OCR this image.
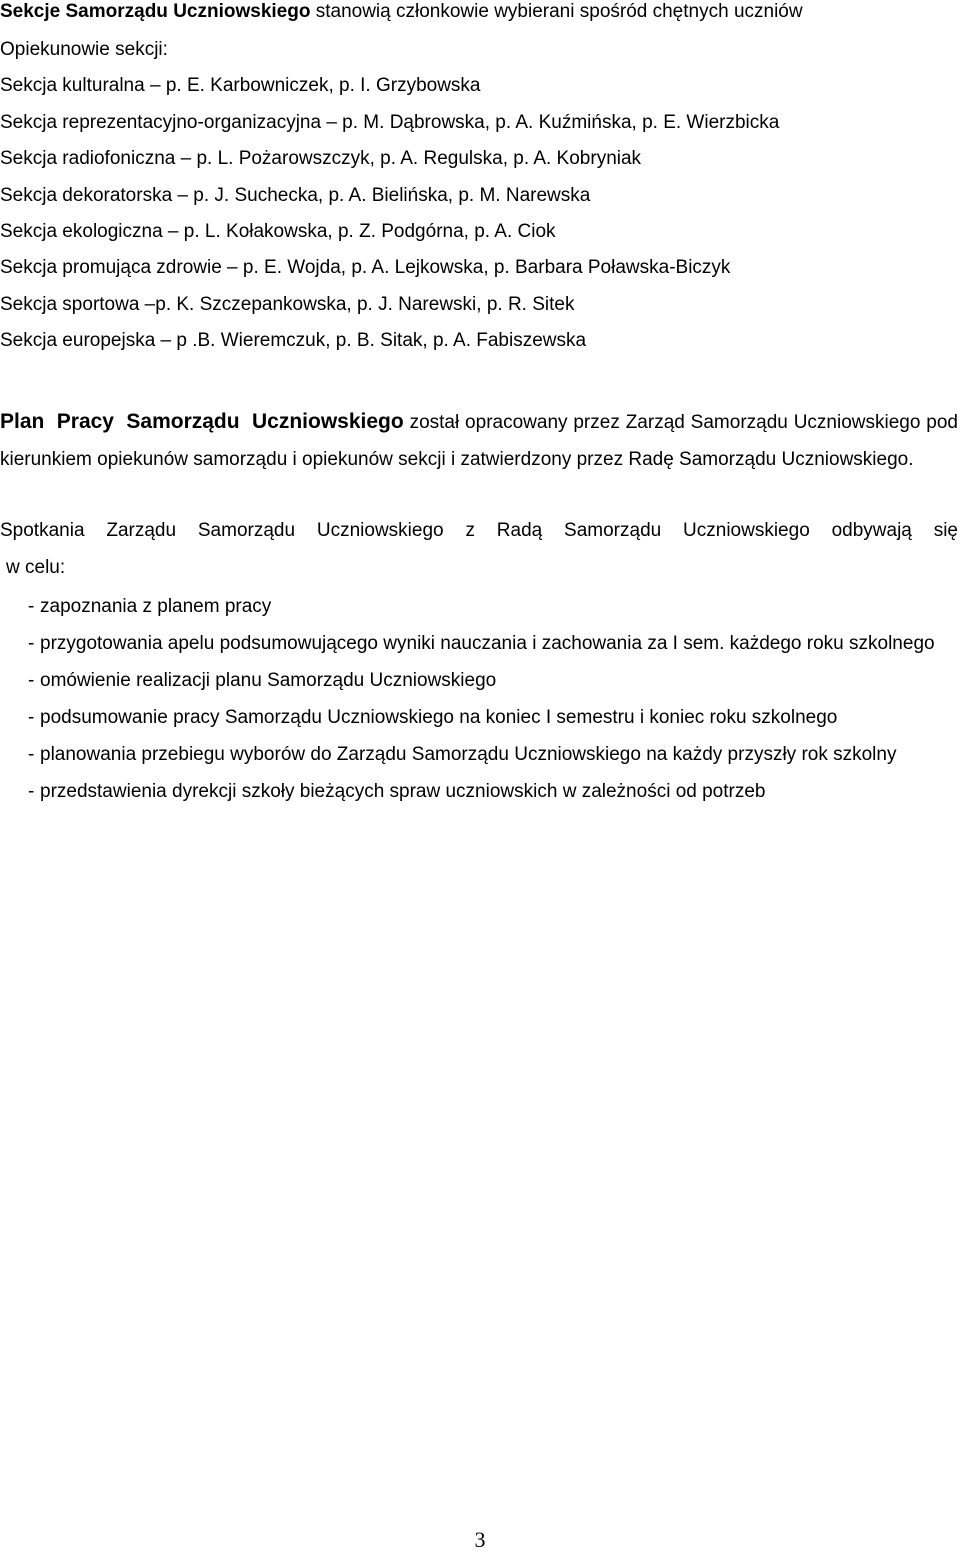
Sekcje Samorządu Uczniowskiego stanowią członkowie wybierani spośród chętnych uczniów
Opiekunowie sekcji:
Sekcja kulturalna – p. E. Karbowniczek, p. I. Grzybowska
Sekcja reprezentacyjno-organizacyjna – p. M. Dąbrowska, p. A. Kuźmińska, p. E. Wierzbicka
Sekcja radiofoniczna – p. L. Pożarowszczyk, p. A. Regulska, p. A. Kobryniak
Sekcja dekoratorska – p. J. Suchecka, p. A. Bielińska, p. M. Narewska
Sekcja ekologiczna – p. L. Kołakowska, p. Z. Podgórna, p. A. Ciok
Sekcja promująca zdrowie – p. E. Wojda, p. A. Lejkowska, p. Barbara Poławska-Biczyk
Sekcja sportowa –p. K. Szczepankowska, p. J. Narewski, p. R. Sitek
Sekcja europejska – p .B. Wieremczuk, p. B. Sitak, p. A. Fabiszewska
Plan Pracy Samorządu Uczniowskiego został opracowany przez Zarząd Samorządu Uczniowskiego pod kierunkiem opiekunów samorządu i opiekunów sekcji i zatwierdzony przez Radę Samorządu Uczniowskiego.
Spotkania Zarządu Samorządu Uczniowskiego z Radą Samorządu Uczniowskiego odbywają się
w celu:
- zapoznania z planem pracy
- przygotowania apelu podsumowującego wyniki nauczania i zachowania za I sem. każdego roku szkolnego
- omówienie realizacji planu Samorządu Uczniowskiego
- podsumowanie pracy Samorządu Uczniowskiego na koniec I semestru i koniec roku szkolnego
- planowania przebiegu wyborów do Zarządu Samorządu Uczniowskiego na każdy przyszły rok szkolny
- przedstawienia dyrekcji szkoły bieżących spraw uczniowskich w zależności od potrzeb
3
